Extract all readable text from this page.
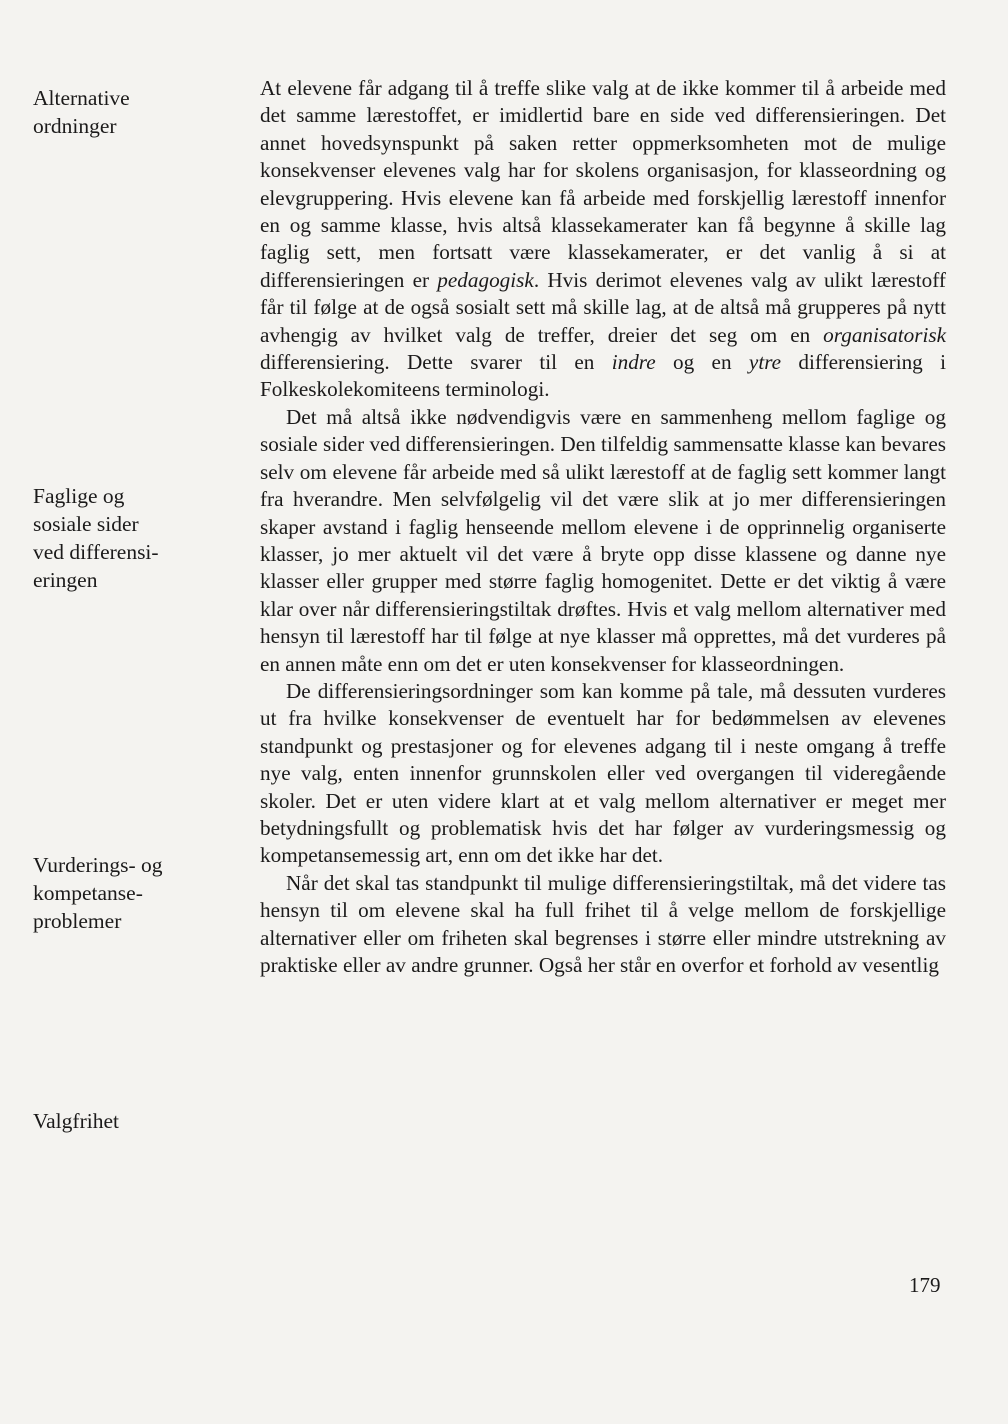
Alternative
ordninger
Faglige og
sosiale sider
ved differensi-
eringen
Vurderings- og
kompetanse-
problemer
Valgfrihet

At elevene får adgang til å treffe slike valg at de ikke kommer til å arbeide med det samme lærestoffet, er imidlertid bare en side ved differensieringen. Det annet hovedsynspunkt på saken retter oppmerksomheten mot de mulige konsekvenser elevenes valg har for skolens organisasjon, for klasseordning og elevgruppering. Hvis elevene kan få arbeide med forskjellig lærestoff innenfor en og samme klasse, hvis altså klassekamerater kan få begynne å skille lag faglig sett, men fortsatt være klassekamerater, er det vanlig å si at differensieringen er pedagogisk. Hvis derimot elevenes valg av ulikt lærestoff får til følge at de også sosialt sett må skille lag, at de altså må grupperes på nytt avhengig av hvilket valg de treffer, dreier det seg om en organisatorisk differensiering. Dette svarer til en indre og en ytre differensiering i Folkeskolekomiteens terminologi.

Det må altså ikke nødvendigvis være en sammenheng mellom faglige og sosiale sider ved differensieringen. Den tilfeldig sammensatte klasse kan bevares selv om elevene får arbeide med så ulikt lærestoff at de faglig sett kommer langt fra hverandre. Men selvfølgelig vil det være slik at jo mer differensieringen skaper avstand i faglig henseende mellom elevene i de opprinnelig organiserte klasser, jo mer aktuelt vil det være å bryte opp disse klassene og danne nye klasser eller grupper med større faglig homogenitet. Dette er det viktig å være klar over når differensieringstiltak drøftes. Hvis et valg mellom alternativer med hensyn til lærestoff har til følge at nye klasser må opprettes, må det vurderes på en annen måte enn om det er uten konsekvenser for klasseordningen.

De differensieringsordninger som kan komme på tale, må dessuten vurderes ut fra hvilke konsekvenser de eventuelt har for bedømmelsen av elevenes standpunkt og prestasjoner og for elevenes adgang til i neste omgang å treffe nye valg, enten innenfor grunnskolen eller ved overgangen til videregående skoler. Det er uten videre klart at et valg mellom alternativer er meget mer betydningsfullt og problematisk hvis det har følger av vurderingsmessig og kompetansemessig art, enn om det ikke har det.

Når det skal tas standpunkt til mulige differensieringstiltak, må det videre tas hensyn til om elevene skal ha full frihet til å velge mellom de forskjellige alternativer eller om friheten skal begrenses i større eller mindre utstrekning av praktiske eller av andre grunner. Også her står en overfor et forhold av vesentlig

179
